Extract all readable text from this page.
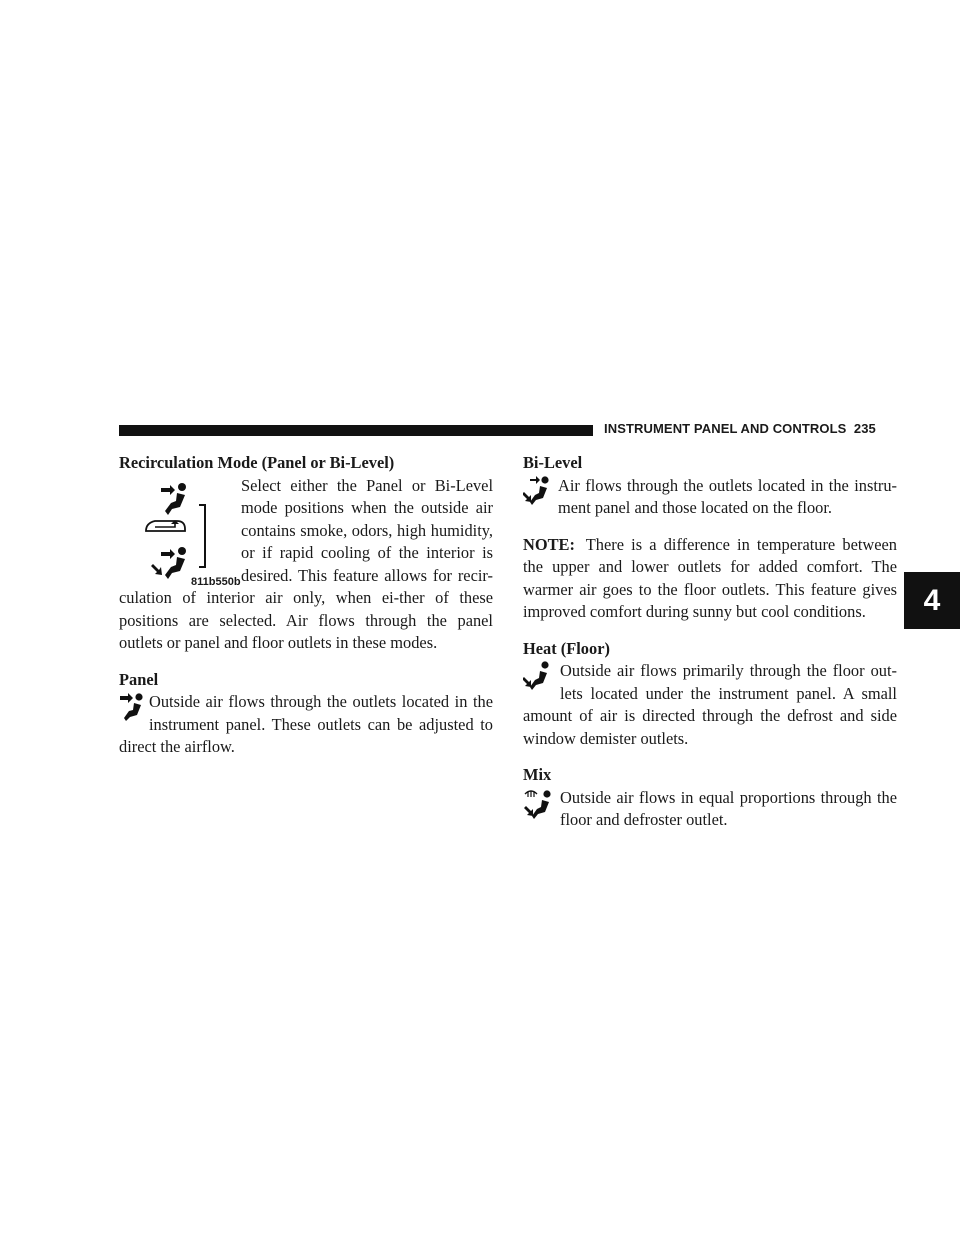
INSTRUMENT PANEL AND CONTROLS 235
4
Recirculation Mode (Panel or Bi-Level)
811b550b

Select either the Panel or Bi-Level mode positions when the outside air contains smoke, odors, high humidity, or if rapid cooling of the interior is desired. This feature allows for recir-culation of interior air only, when ei-ther of these positions are selected. Air flows through the panel outlets or panel and floor outlets in these modes.

Panel

Outside air flows through the outlets located in the instrument panel. These outlets can be adjusted to direct the airflow.

Bi-Level

Air flows through the outlets located in the instru-ment panel and those located on the floor.

NOTE: There is a difference in temperature between the upper and lower outlets for added comfort. The warmer air goes to the floor outlets. This feature gives improved comfort during sunny but cool conditions.

Heat (Floor)

Outside air flows primarily through the floor out-lets located under the instrument panel. A small amount of air is directed through the defrost and side window demister outlets.

Mix

Outside air flows in equal proportions through the floor and defroster outlet.
